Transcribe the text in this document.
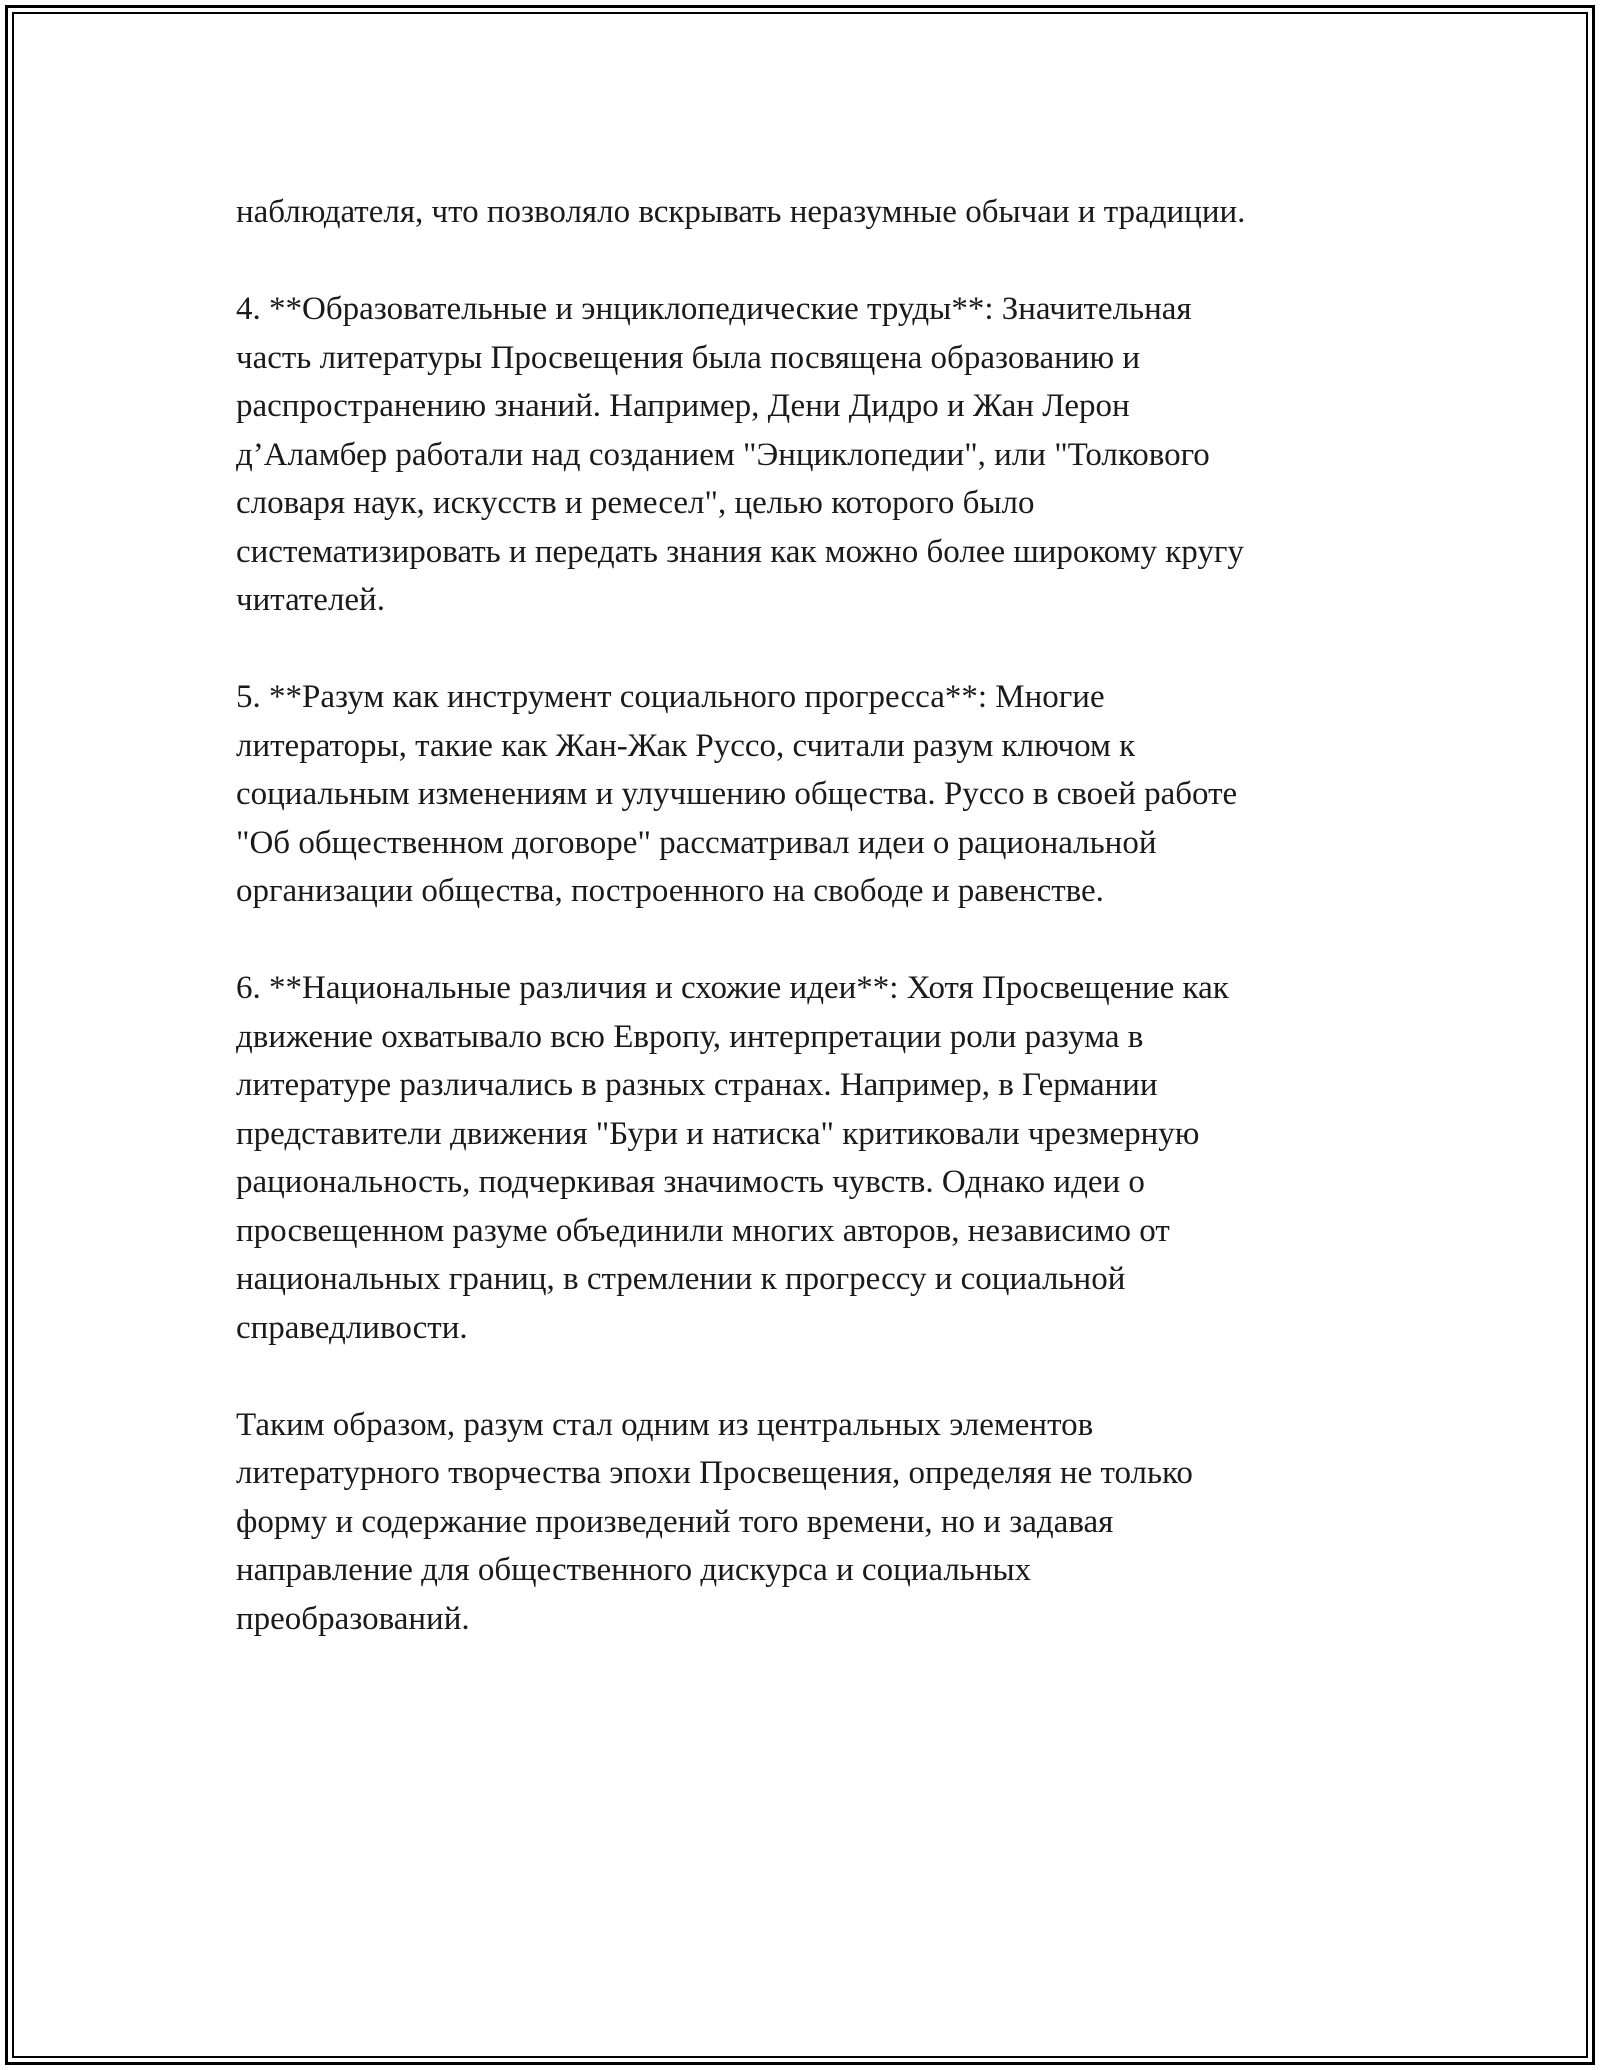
наблюдателя, что позволяло вскрывать неразумные обычаи и традиции.

4. **Образовательные и энциклопедические труды**: Значительная
часть литературы Просвещения была посвящена образованию и
распространению знаний. Например, Дени Дидро и Жан Лерон
д’Аламбер работали над созданием "Энциклопедии", или "Толкового
словаря наук, искусств и ремесел", целью которого было
систематизировать и передать знания как можно более широкому кругу
читателей.

5. **Разум как инструмент социального прогресса**: Многие
литераторы, такие как Жан-Жак Руссо, считали разум ключом к
социальным изменениям и улучшению общества. Руссо в своей работе
"Об общественном договоре" рассматривал идеи о рациональной
организации общества, построенного на свободе и равенстве.

6. **Национальные различия и схожие идеи**: Хотя Просвещение как
движение охватывало всю Европу, интерпретации роли разума в
литературе различались в разных странах. Например, в Германии
представители движения "Бури и натиска" критиковали чрезмерную
рациональность, подчеркивая значимость чувств. Однако идеи о
просвещенном разуме объединили многих авторов, независимо от
национальных границ, в стремлении к прогрессу и социальной
справедливости.

Таким образом, разум стал одним из центральных элементов
литературного творчества эпохи Просвещения, определяя не только
форму и содержание произведений того времени, но и задавая
направление для общественного дискурса и социальных
преобразований.
